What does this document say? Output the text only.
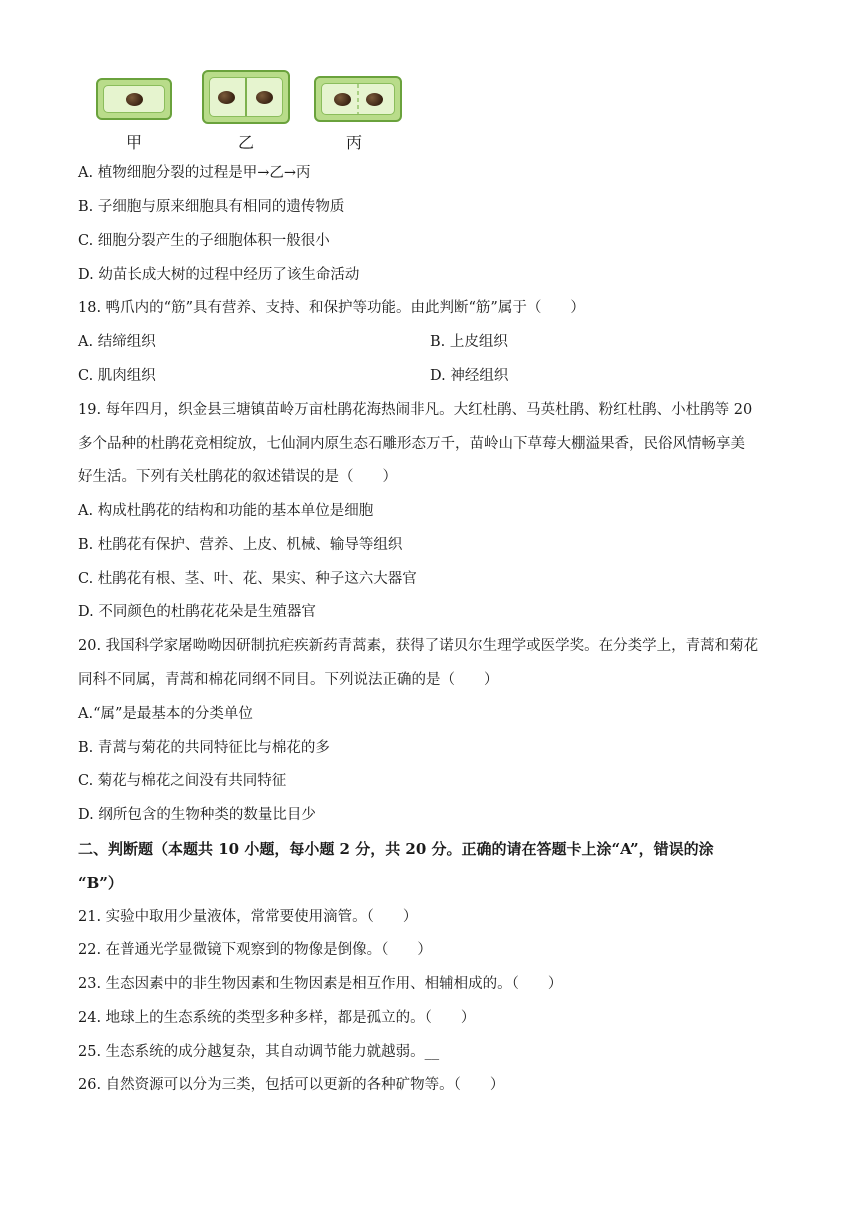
甲	乙	丙
A. 植物细胞分裂的过程是甲→乙→丙
B. 子细胞与原来细胞具有相同的遗传物质
C. 细胞分裂产生的子细胞体积一般很小
D. 幼苗长成大树的过程中经历了该生命活动
18. 鸭爪内的“筋”具有营养、支持、和保护等功能。由此判断“筋”属于（　　）
A. 结缔组织	B. 上皮组织
C. 肌肉组织	D. 神经组织
19. 每年四月，织金县三塘镇苗岭万亩杜鹃花海热闹非凡。大红杜鹃、马英杜鹃、粉红杜鹃、小杜鹃等 20
多个品种的杜鹃花竞相绽放，七仙洞内原生态石雕形态万千，苗岭山下草莓大棚溢果香，民俗风情畅享美
好生活。下列有关杜鹃花的叙述错误的是（　　）
A. 构成杜鹃花的结构和功能的基本单位是细胞
B. 杜鹃花有保护、营养、上皮、机械、输导等组织
C. 杜鹃花有根、茎、叶、花、果实、种子这六大器官
D. 不同颜色的杜鹃花花朵是生殖器官
20. 我国科学家屠呦呦因研制抗疟疾新药青蒿素，获得了诺贝尔生理学或医学奖。在分类学上，青蒿和菊花
同科不同属，青蒿和棉花同纲不同目。下列说法正确的是（　　）
A.“属”是最基本的分类单位
B. 青蒿与菊花的共同特征比与棉花的多
C. 菊花与棉花之间没有共同特征
D. 纲所包含的生物种类的数量比目少
二、判断题（本题共 10 小题，每小题 2 分，共 20 分。正确的请在答题卡上涂“A”，错误的涂
“B”）
21. 实验中取用少量液体，常常要使用滴管。（　　）
22. 在普通光学显微镜下观察到的物像是倒像。（　　）
23. 生态因素中的非生物因素和生物因素是相互作用、相辅相成的。（　　）
24. 地球上的生态系统的类型多种多样，都是孤立的。（　　）
25. 生态系统的成分越复杂，其自动调节能力就越弱。__
26. 自然资源可以分为三类，包括可以更新的各种矿物等。（　　）
